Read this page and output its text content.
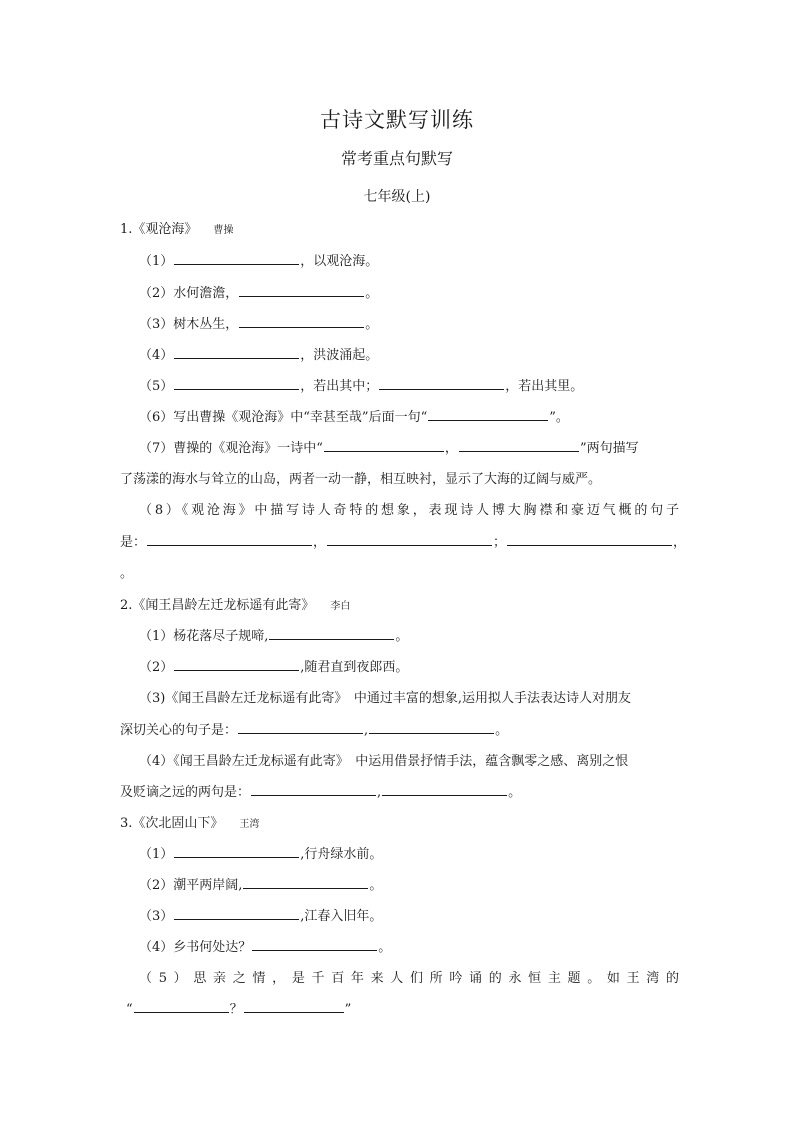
古诗文默写训练
常考重点句默写
七年级(上)
1.《观沧海》 曹操
（1）	，以观沧海。
（2）水何澹澹，	。
（3）树木丛生，	。
（4）	，洪波涌起。
（5）	，若出其中；	，若出其里。
（6）写出曹操《观沧海》中“幸甚至哉”后面一句“	”。
（7）曹操的《观沧海》一诗中“	，	”两句描写
了荡漾的海水与耸立的山岛，两者一动一静，相互映衬，显示了大海的辽阔与威严。
（8）《观沧海》中描写诗人奇特的想象，表现诗人博大胸襟和豪迈气概的句子
是：	，	；	，
。
2.《闻王昌龄左迁龙标遥有此寄》 李白
（1）杨花落尽子规啼,	。
（2）	,随君直到夜郎西。
（3)《闻王昌龄左迁龙标遥有此寄》　中通过丰富的想象,运用拟人手法表达诗人对朋友
深切关心的句子是：	,	。
（4）《闻王昌龄左迁龙标遥有此寄》　中运用借景抒情手法，蕴含飘零之感、离别之恨
及贬谪之远的两句是：	,	。
3.《次北固山下》 王湾
（1）	,行舟绿水前。
（2）潮平两岸阔,	。
（3）	,江春入旧年。
（4）乡书何处达？	。
（5）思亲之情，是千百年来人们所吟诵的永恒主题。如王湾的
“	？	”
